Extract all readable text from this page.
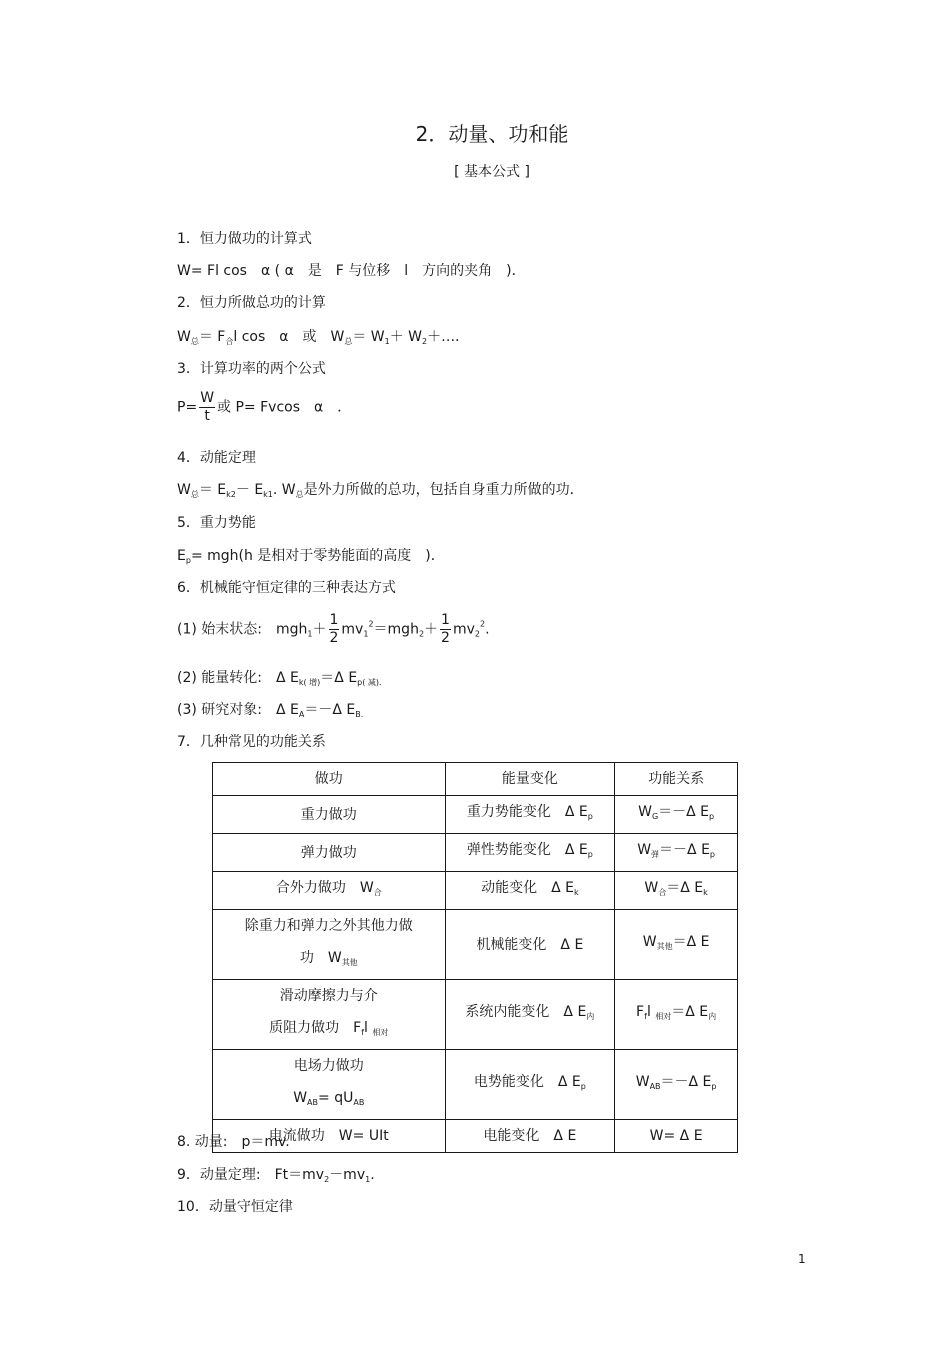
2．动量、功和能
[ 基本公式 ]
1．恒力做功的计算式
W= Fl cos　α ( α　是　F 与位移　l　方向的夹角　)．
2．恒力所做总功的计算
$W_总= F_合l$ cos　α　或　$W_总= W_1+$ $W_2+\dots$．
3．计算功率的两个公式
$P= \frac{W}{t}$ 或 P= Fvcos　α　．
4．动能定理
$W_总= E_{k2}- E_{k1}$. $W_总$是外力所做的总功，包括自身重力所做的功．
5．重力势能
$E_p= mgh(h$ 是相对于零势能面的高度　)．
6．机械能守恒定律的三种表达方式
(1) 始末状态:　$mgh_1+ \frac{1}{2} mv_1^2=mgh_2+ \frac{1}{2} mv_2^2$.
(2) 能量转化:　Δ $E_{k( 增)}=\Delta$ $E_{p( 减).}$
(3) 研究对象:　Δ $E_A=-\Delta$ $E_{B.}$
7．几种常见的功能关系
做功	能量变化	功能关系
重力做功	重力势能变化　Δ $E_p$	$W_G=-\Delta$ $E_p$
弹力做功	弹性势能变化　Δ $E_p$	$W_弹=-\Delta$ $E_p$
合外力做功　$W_合$	动能变化　Δ $E_k$	$W_合=\Delta$ $E_k$

除重力和弹力之外其他力做
功　$W_{其他}$	机械能变化　Δ E	$W_{其他}=\Delta$ E

滑动摩擦力与介
质阻力做功　$F_fl$ $_{相对}$	系统内能变化　Δ $E_内$	$F_fl$ $_{相对}$＝Δ $E_内$

电场力做功
$W_{AB}= qU_{AB}$	电势能变化　Δ $E_p$	$W_{AB}=-\Delta$ $E_p$
电流做功　W= UIt	电能变化　Δ E	W= Δ E
8. 动量:　p＝mv.
9．动量定理:　$Ft=mv_2-mv_1$.
10．动量守恒定律
1
